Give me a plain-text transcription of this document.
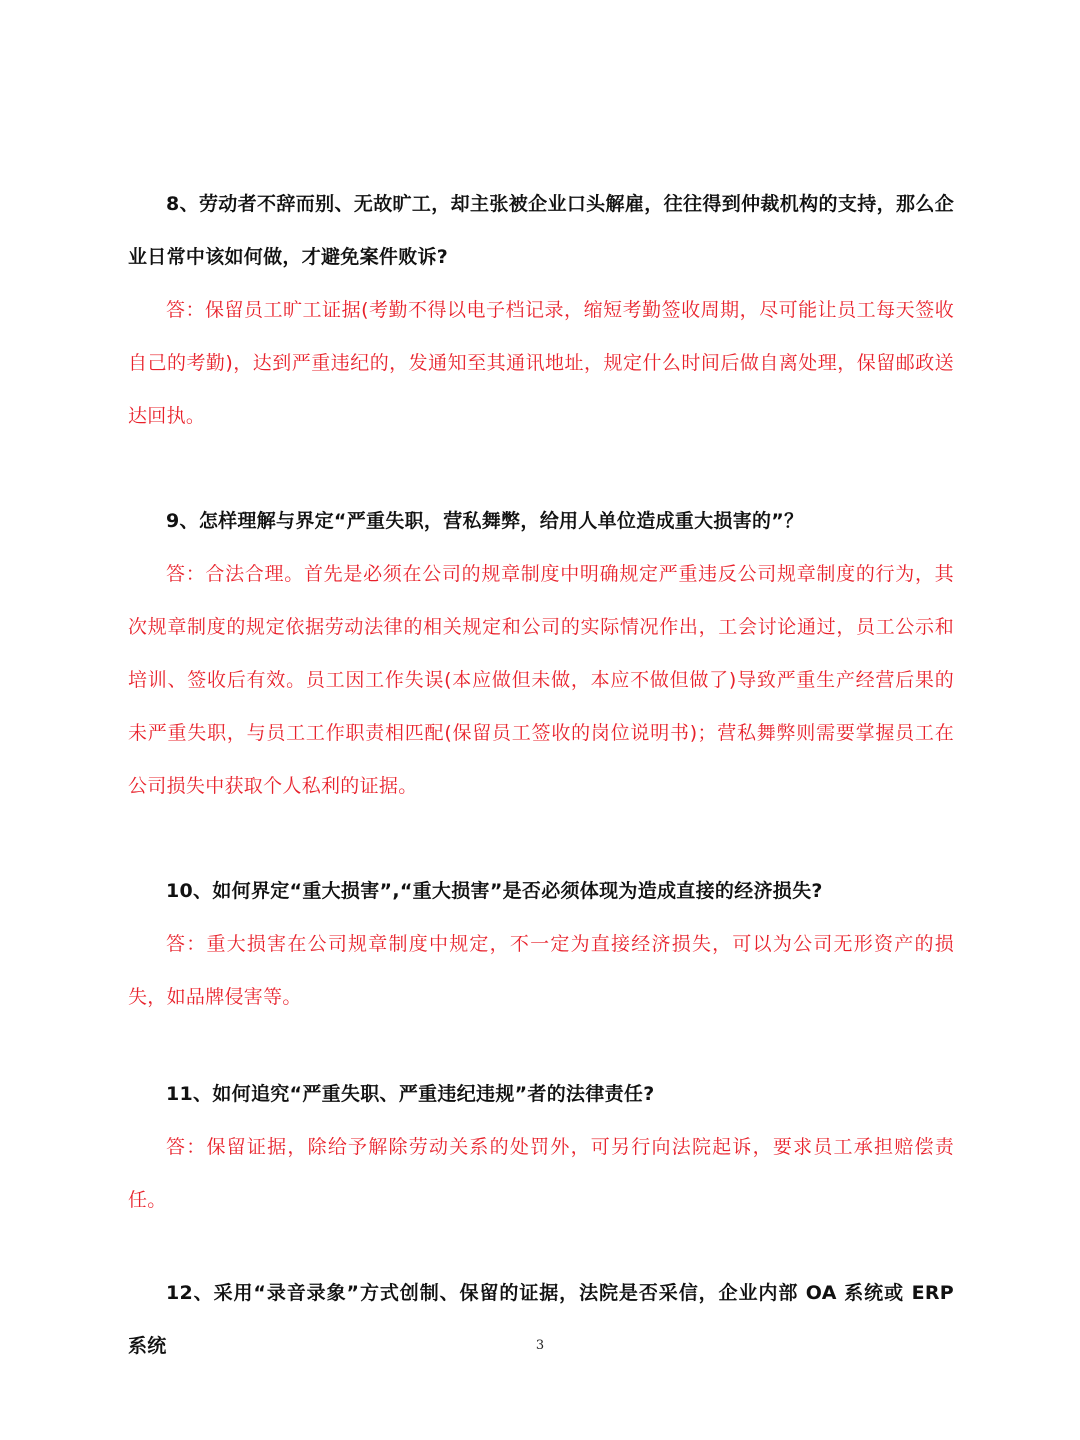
8、劳动者不辞而别、无故旷工，却主张被企业口头解雇，往往得到仲裁机构的支持，那么企业日常中该如何做，才避免案件败诉?

答：保留员工旷工证据(考勤不得以电子档记录，缩短考勤签收周期，尽可能让员工每天签收自己的考勤)，达到严重违纪的，发通知至其通讯地址，规定什么时间后做自离处理，保留邮政送达回执。

9、怎样理解与界定“严重失职，营私舞弊，给用人单位造成重大损害的”？

答：合法合理。首先是必须在公司的规章制度中明确规定严重违反公司规章制度的行为，其次规章制度的规定依据劳动法律的相关规定和公司的实际情况作出，工会讨论通过，员工公示和培训、签收后有效。员工因工作失误(本应做但未做，本应不做但做了)导致严重生产经营后果的未严重失职，与员工工作职责相匹配(保留员工签收的岗位说明书)；营私舞弊则需要掌握员工在公司损失中获取个人私利的证据。

10、如何界定“重大损害”,“重大损害”是否必须体现为造成直接的经济损失?

答：重大损害在公司规章制度中规定，不一定为直接经济损失，可以为公司无形资产的损失，如品牌侵害等。

11、如何追究“严重失职、严重违纪违规”者的法律责任?

答：保留证据，除给予解除劳动关系的处罚外，可另行向法院起诉，要求员工承担赔偿责任。

12、采用“录音录象”方式创制、保留的证据，法院是否采信，企业内部 OA 系统或 ERP 系统	3
